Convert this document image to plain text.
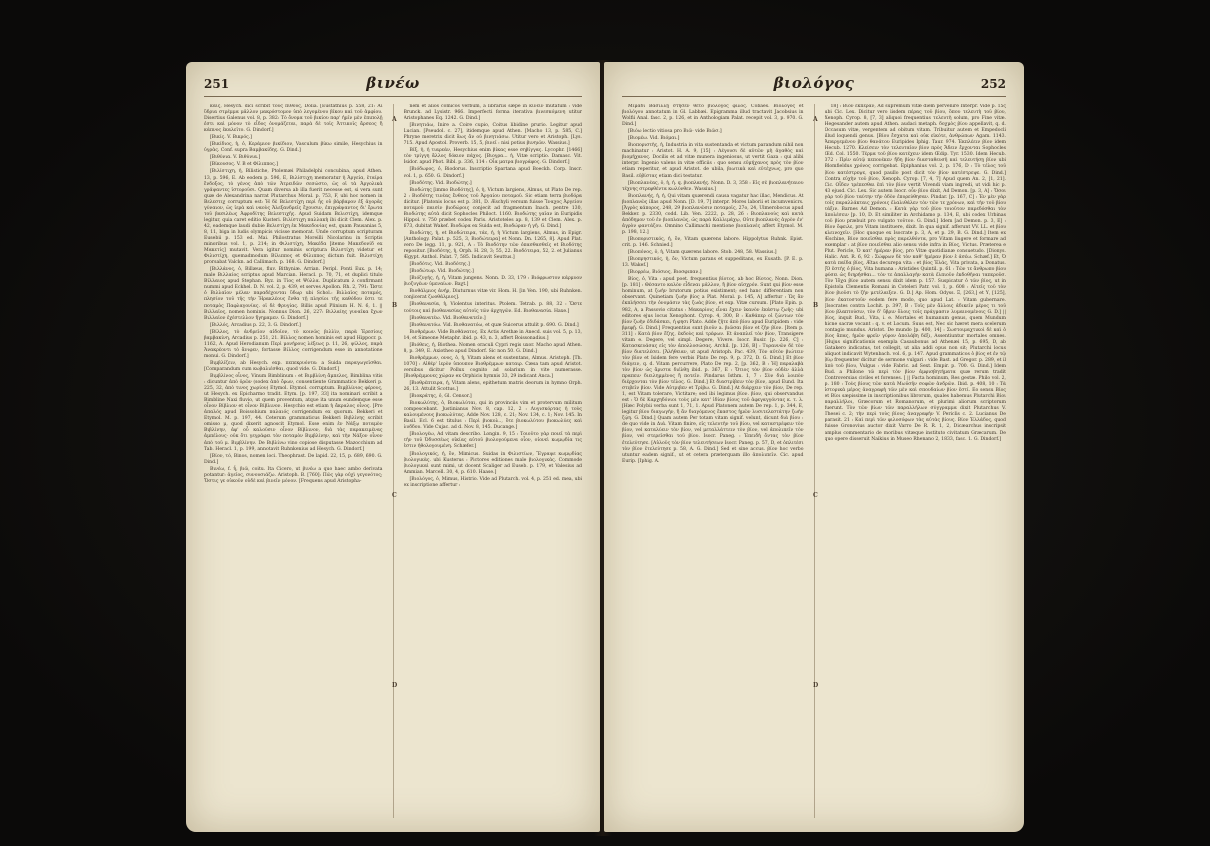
251	βινέω

καίς, Hesych. dici scribit τοὺς πίθους, Dolia. [Eustathius p. 558, 21: Αἱ ὕδρια στρέμμα μᾶλλον μακρόστομον ὑπὸ λεγομένου βῖκου καὶ τοῦ ἀμφίου. Disertius Galenus vol. 8, p. 382: Τὸ ὄνομα τοῦ βικίου παρ' ἡμῖν μὲν ἐπιπολῇ ἐστι καὶ μόνον τὸ εἶδος ὀνομάζεται, παρὰ δὲ τοῖς Ἀττικοῖς ἄρσεος ἢ κάπνος ἐκαλεῖτο. G. Dindorf.]

[Βικίς. V. Βικρός.]

[Βικίδιος, ἡ, ὁ, Κεράμιον βικίδιον, Vasculum βίκω simile, Hesychius in ὑγρὰς. Conf. supra Βαμβακίδης. G. Dind.]

[Βιθύνια. V. Βιθύνια.]

[Βίκουσος. V. Β et Φίλιππος.]

[Βιλίστιχη, ἡ, Bilistiche, Ptolemæi Philadelphi concubina, apud Athen. 13, p. 596, E. Ab eodem p. 596, E, Βιλίστιχη memoratur ἡ Ἀργεία, ἑταίρα ἔνδοξος, τὸ γένος ἀπὸ τῶν Ἀτρειδῶν σεσώστο, ὡς οἱ τὰ Ἀργολικὰ γράψαντες ἱστοροῦσι. Quam diversa ab illa fuerit necesse est, si vera sunt quæ de Alexandrina narrat Plutarchus Moral. p. 753, F, ubi hoc nomen in Βελεστιχ corruptum est: Ἡ δὲ Βελεστίχη περὶ ἧς οὐ βάρβαρον ἐξ ἀγορᾶς γύναιον, ὡς ἱερὰ καὶ ναοὺς Ἀλεξανδρεῖς ἔχουσιν, ἐπιγράψαντος δι' ἔρωτα τοῦ βασιλέως Ἀφροδίτης Βελεστιχῆς. Apud Suidam Βελιστίχη, idemque legitur, quia caret editio Kusteri. Βιλίστιχη παλλακὴ ibi dicit Clem. Alex. p. 42, eademque laudi dubie Βελιστίχη ἐκ Μακεδονίας est, quam Pausanias 5, 8, 11, biga in ludis olympicis vicisse memorat. Unde corruptum scripturam Eusebii p. 153 ed. Mai. Philostratus Moreilli Nicolarinu in Scriptis minoribus vol. 1, p. 214; in Φιλιστίχη, Μακέδα [itemo Μακεδονίδ ex Μακετίς] mutavit. Vera igitur nominis scriptura Βιλιστίχη videtur et Φιλιστίχη, quemadmodum Βίλιππος et Φίλιππος dictum fuit. Βιλιστίχη prorsabat Valckn. ad Callimach. p. 168. G. Dindorf.]

[Βιλλάνος, ὁ, Billæus, fluv. Bithyniæ. Arrian. Peripl. Ponti Eux. p. 14; male Βιλλαίος scriptus apud Marcian. Heracl. p. 70, 71, et duplici titulo Βίλλαιος apud Stephan. Byz. in Τίος et Ψύλλα. Duplicatum λ confirmant nummi apud Eckhel. D. N. vol. 2, p. 439, et serves Apollon. Rh. 2, 791: Ὥστε ὁ Βιλλαῖον μέλαν παραδέχονται ὕδωρ ubi Schol.: Βιλλαῖος ποταμός, πλησίον τοῦ τῆς τὴν Ἡρακλέους ἔνθα τῇ πλησίοι τῆς καθόδου ἐστι τε ποταμὸς Παφλαγονίας. οἱ δὲ Φρυγίας. Billis apud Plinium H. N. 6, 1. || Βιλλαῖος, nomen hominis. Nonnus Dion. 26, 227: Βιλλαίης γυναῖκα ἔχων Βιλλαῖον ἐχέστελλον ἤγημαμεν. G. Dindorf.]

[Βιλλός, Arcadius p. 22, 3. G. Dindorf.]

[Βίλλος, τὸ ἀνδρεῖον αἰδοῖον, τὸ κοινῶς βιλλὶν, παρὰ Ἐρεσίοις βαμβακίνη, Arcadius p. 251, 21. Βῖλλος nomen hominis est apud Hippocr. p. 1162, A. Apud Herodianum Περὶ μονήρους λέξεως p. 11, 26, ψίλλος, παρὰ Ἀνακρέοντι τὸ ἄνιφεν, fortasse Βίλλος corrigendum esse in annotatione monui. G. Dindorf.]

Βιμβλίζειν, ab Hesych. exp. πεπεκρυόντα: a Suida παραγωγεῖσθαι. [Comparandum cum κωβαλιέσθαι, quod vide. G. Dindorf.]

Βιμβλίνος οἶνος, Vinum Bimblinum : et Βιμβλίνη ἄμπελος, Bimblina vitis : dicuntur ἀπὸ ὀρῶν (sodex ἀπὸ ὄρων, consentiente Grammatico Bekkeri p. 225, 32, ἀπὸ τινος χωρίου) Etymol. Etymol. corruptum. Βιμβλίνιος φέρους, ut Hesych. ex Epicharmo tradit. Etym. [p. 197, 33] ita nominari scribit a Bimbline Naxi fluvio, ut quem proventum, atque ita unum eundemque esse οἶνον Βίβλιον et οἶνον Βίβλινον. Hesychio est etiam ἡ ἄκραλος οἶνος. [Pro ἀπαλός apud Boissohium παλαιός corrigendum ex quorum. Bekkeri et Etymol. M. p. 197, 44. Ceterum grammaticus Bekkeri Βιβλίνης scribit omisso μ, quod dixerit agnoscit Etymol. Esse enim ἐν Νάξῳ ποταμὸν Βιβλίνην, ἀφ' οὗ καλοῦσιν οἶνον Βίβλινον, διὰ τὰς παρακειμένας ἀμπέλους· οὐκ ὅτι γεγράφει τὸν ποταμὸν Βιμβλίνην, καὶ τὴν Νάξον οἶνον ἀπὸ τοῦ μ. Βιμβλίνην. De Βιβλίνω vino copiose disputasse Mazocchium ad Tab. Heracl. 1, p. 199, annotavit Ruhnkenius ad Hesych. G. Dindorf.]

[Βίον, τό, Binos, nomen loci. Theophrast. De lapid. 22, 15, p. 689, 690. G. Dind.]

Βινέω, f. ἦ, βιῶ, coitu. Ita Cicero, ut βινέω a quo haec ambo derivata potantur: ἀγεῖος, συνουσιάζω. Aristoph. B. [760]: Πῶς γὰρ οὐχὶ γεγονότος; Ὅστις γε οὐκοῦν οὐδὲ καὶ βινεῖν μόνον. [Frequens apud Aristopha-

nem et alios comicos verbum, a librariis sæpe in κινεῖν mutatum : vide Brunck. ad Lysistr. 966. Imperfecti forma iterativa βινεσκόμενη utitur Aristophanes Eq. 1242. G. Dind.]

[Βινητιάω, Inire a. Coire cupio, Coitus libidine prurio. Legitur apud Lucian. [Pseudol. c. 27], itidemque apud Athen. [Macho 13, p. 585, C.] Phryne meretrix dicit ἅως ἄν οὐ βινητιάσω. Utitur vero et Aristoph. [Lys. 715. Apud Apostol. Proverb. 15, 5, βινεῖ : nisi potius βινηιῶν. Wassius.]

Βίξ, ἡ, ἡ τιαρεάν, Hesychius enim βίκας esse σηβίγγας. Lycophr. [1466] τὸν τρίγγη ἄλλος δόκιον πάχος. [Βιογρα... ἡ, Vitæ scriptio. Damasc. Vit. Isidor. apud Phot. Bibl. p. 336, 114 : Οἷα ματρα βιογράφος. G. Dindorf.]

[Βιόδωρος, ὁ, Biodorus. Inscriptio Spartana apud Boeckh. Corp. Inscr. vol. 1, p. 650. G. Dindorf.]

[Βιοδότης. Vid. Βιοδώτης.]

Βιοδώτης [immo Βιοδότης], ὁ, ἡ, Victum largiens, Almus, ut Plato De rep. 2 : Βιοδότης τινέας ἔνθεος τοῦ Ἀργαίου ποταμοῦ. Sic etiam terra βιοδόρα dicitur. [Platonis locus est p. 381, D. Æschyli versum fuisse Ἴναχος Ἀργείου ποταμοῦ παισὶν βιοδώροις conjecit ad fragmentum Inach. pentre 130, Βιοδώτης αὐτὰ dicit Sophocles Philoct. 1160. Βιοδώτης γαῖαν in Euripidis Hippol. v. 750 præbet codex Paris. Aristoteles ap. 8, 139 et Clem. Alex. p. 673, dubitat Wakef. Βιοδώρα ex Suida est, Βιοδώραν ἡ γῆ. G. Dind.]

Βιοδώτης, ἡ, et Βιοδώτειρα, τάε, ἡ, ἡ Victum largiens, Almus, in Epigr. [Anthology. Palat. p. 525, 3, Βιοδώτειρα] et Nonn. Dn. 1265, 8]. Apud Plat. vero De legg. 11, p. 921, A : Τὸ Βιοδότην τῶν ὀπασθασθεῖς et Βιοδότης repositur. [Βιοδότης, ἡ, Orph. H. 28, 3; 55, 22. Βιοδότειρα, 52, 2. et Julianus Ægypt. Anthol. Palat. 7, 585. Indicavit Seuttus.]

[Βιοδότις. Vid. Βιοδότης.]

[Βιοδώτωρ. Vid. Βιοδώτης.]

[Βιόζυγής, ἡ, ἡ, Vitam jungens. Nonn. D. 33, 179 : Βιόφρωστον κάρμυον βιοζυγέων ὑμεναίων. Baχt.]

Βιοθάλμιος ἀνήρ, Diuturnus vitæ vir. Hom. H. [in Ven. 190, ubi Ruhnken. conjicerat ζωοθάλμιος].

[Βιοθανασία, ἡ, Violentus interitus. Ptolem. Tetrab. p. 88, 32 : Ὥστε τούτοις καὶ βιοθανασίας αὐτοῖς τῶν ἀρχηγῶν. Ed. Βιοθανασία. Haxe.]

[Βιοθανατέω. Vid. Βιοθανατεῖν.]

[Βιοθανατόω. Vid. Βιοθανατόω, et quæ Suicerus attulit p. 690. G. Dind.]

Βιοθρέμων. Vide Βιοθάνατος. Ex Actis Arethæ in Anecd. suis vol. 5, p. 13, 14, et Simeone Metaphr. ibid. p. 43, n. 3, affert Boissonadius.]

[Βιόθεις, ἡ, Biothea. Nomen oraculi Cypri regis uxor. Macho apud Athen. 8, p. 349, E. Axiotheo apud Dindorf. Sic non 50. G. Dind.]

Βιοθρέμμων, ονος, ὁ, ἡ, Vitam alens et sustentans, Almus. Aristoph. [Th. 1070] : Αἰθέρ' ἱερὸν ὑπουπον Βιοθρέμμων καταιρ. Cæsa tam apud Aristot. versibus dicitur Pollux cognito ad solarium in vite numerasse. [Βιοθρέμμονες χώραν ex Orphicis hymnis 33, 29 indicant Anca.]

[Βιοθρέπτειρα, ἡ, Vitam alens, epithetum matris deorum in hymno Orph. 26, 13. Attulit Scottus.]

[Βιοκράτης, ὁ, Gl. Censor.]

Βιοκωλύτης, ὁ, Βιοκωλύται, qui in provinciis vim et protervum militum compescebant. Justinianus Nov. 8, cap. 12, 2 : Λυγισκόρτας ἡ τοὺς καλουμένους βιοκωλύτας. Adde Nov. 128, c. 21; Nov. 134, c. 1; Nov. 145. In Basil. Ecl. 6 est titulus : Περὶ βιοκολ.., ὅτε βιοκωλύτου βιοκωλύες καὶ λυδδου. Vide Cujac. ad d. Nov. 8, 145. Ducange.]

[Βιολογέω, Ad vitam describo. Longin. 9, 15 : Τοιοῦτο γὰρ ποιεῖ τὰ περὶ τὴν τοῦ Ὀδυσσέως οἰκίας αὐτοῦ βιολογούμενα οἶον, οἰονεὶ κωμῳδία τις ἐστιν ἠθολογουμένη. Schæfer.]

[Βιολογικός, ἡ, ὄν, Mimicus. Suidas in Φιλιστίων, Ἔγραψε κωμῳδίας βιολογικὰς. ubi Kusterus : Pictores editiones male βιολογικὰς. Commode βιολογικαὶ sunt mimi, ut docent Scaliger ad Euseb. p. 179, et Valesius ad Ammian. Marcell. 30, 4, p. 610. Haase.]

[Βιολόγος, ὁ, Mimus, Histrio. Vide ad Plutarch. vol. 4, p. 251 ed. mea, ubi ex inscriptione affertur :

A
B
C
D
βιολόγος	252

Μιμάδι Βασίλλῃ στῆσεν θέτο βιολόγος φίλος. Cobaes. Βιολόγος et βιολόγου annotatum in Gl. Labbæi. Epigramma illud tractavit Jacobsius in Wolfii Anal. fasc. 2, p. 126, et in Anthologiam Palat. recepit vol. 3, p. 970. G. Dind.]

[Βιόω lectio vitiosa pro Βιῶ· vide Βιῶσ.]

[Βιομέω. Vid. Βιόμαι.]

Βιοποριστὴς, ἡ, Industria in vita sustentanda et victum parandum nihil non machinatur : Aristot. H. A. 9, [15] : Λέγουσι δὲ αὐτῶν μὴ ἀγαθὸς καὶ βιομήχανος. Docilis et ad vitæ munera ingeniosus, ut vertit Gaza : qui alibi interpr. Ingenio valens in vitæ officiis : quo sensu εὐμήχανος πρὸς τὸν βίον etiam reperitur, et apud Aristot. de ubila, βιωτικὰ καὶ εὐτέχνως, pro quo Basil. εὐβίστας etiam dici testatur.

[Βιοπλανέας, ὁ, ἡ, ἡ. q. βιοπλανής. Nonn. D. 3, 358 : Εἰς σὲ βιοπλανήταιου τέχνης στρεφθέντα κωλύνθεν. Wassius.]

Βιοπλανής, ἡ, ἡ, Qui vitam quærendi causa vagatur hac illac, Mendicus. At βιοπλανῶς illas apud Nonn. [D. 19, 7] interpr. Mores laborii et incumvenicrs. [Ἀγρὸς κάπορος, 248, 29 βιοπλανῶσιν ποταμοῖς, 27ο, 24, Ulmerobocus apud Bekker. p. 2330, codd. Lib. Ven. 2222, p. 28, 26 : Βιοπλανοὺς καὶ κατὰ ἀπόδημον τοῦ ἐν βιοπλανῶς, ὡς παρὰ Καλλιμάχῳ, Οὐτε βιοπλανὲς ἀγρὸν ἐν' ἀγρὸν φαντάζου. Omnino Callimachi mentione βιοπλανὲς affert Etymol. M. p. 198, 12.]

[Βιοποριστικός, ἡ, ὄν, Vitam quærens labore. Hippolytus Ruhnk. Epist. crit. p. 146. Schnied.]

[Βιοπόνος, ὁ, ἡ, Vitam quærens labore. Stob. 248, 58. Wassius.]

[Βιοπρηστικός, ἡ, ὄν, Victum parans et suppeditans, ex Eusath. [P. E. p. 13. Wakef.]

[Βιορρέω, Βιόσιος, Βιοσφιπαν.]

Βίος, ὁ, Vita : apud poet. frequentius βίοτος, ab hoc Βίοτος, Nonn. Dion. [p. 181] : Θέσαντο καλὸν εἶδεναι μᾶλλον, ἢ βίον αἰσχρόν. Sunt qui βίον esse hominum, at ζωὴν brutorum potius existiment; sed hanc differentiam non observant. Quinetiam ζωὴν βίος a Plat. Moral. p. 145, A] affertur : Ὡς ἂν ἐκπλήσσει τὴν ὀνομάσιν τὰς ζωὰς βίον, et exp. Vitæ cursum. [Plato Epin. p. 982, A, a Passovio citatus : Μακαρίοις εἶναι ἔχειν ἱκανὸν ἑκάστῳ ζωῆς· ubi editores ejus locus Xenophont. Cyrop. 4, 300, B : Καθάπερ οἱ ζώντων τὸν βίον ζωὴν ἐδιδάσκει, ἡ φησι Plato. Adde ζῆτε ἀπὸ βίου apud Euripidem : vide βρεφῇ. G. Dind.] Frequentius sunt βιοῦν a. βιῶσαι βίον et ζῆν βίον. [Item p. 311] : Κατὰ βίον ἔζης, ἐκδοὺς καὶ τρέφων. Et ἀναπλεῖ τὸν βίον, Transigere vitam e. Degere, vel simpl. Degere, Vivere. Isocr. Busir. [p. 226, C] : Κατασκευάσας εἰς τὸν ἀπολλοσώσας. Archil. [p. 126, B] : Τυραννῶν δὲ τὸν βίον διατελέσει. [Ἀλήθειαν, ut apud Aristoph. Pac. 439, Τὸν αὐτὸν βιώτειν τὸν βίον et Isidem fere verbis Plato De rep. 9, p. 372, D. G. Dind.] Et βίον διάγειν, q. d. Vitam percurrere, Plato De rep. 2, [p. 362, B : Ἡ] παραλαβὰ τὸν βίον ὡς ἄριστα διέλθῃ ibid. p. 367, E : Ὅτιος τὸν βίον οὐδὲν ἀλλὰ πραπειν διειλημμένος ἢ ποτεῖν. Pindarus Isthm. 1, 7 : Σὺν διὰ λοιπὸν διέρχονται τὸν βίον τέλος. G. Dind.] Et διαστρίβειν τὸν βίον, apud Eund. Ita στιβεῖν βίον. Vide Αὐτριβεν et Τρίβω. G. Dind.] At διάρχειν τὸν βίον, De rep. 1, est Vitam tolerare, Victitare; sed ibi legimus βίον. βίον, qui observandus est : Ὁ δὲ Καρχηδόνιοι τοὺς μὲν κατ' ἰδίαν βίους τοῦ ἀφεγαγγόντας κ. τ. λ. [Hæc Polybii verba sunt 1, 71, 1. Apud Platonem autem De rep. 1, p. 344, E, legitur βίου διαγωγήν, ἢ ἂν διαγόμενος ἕκαστος ἡμῶν λυσιτελεστάτην ζωὴν ζῴη. G. Dind.] Quam autem Per totam vitam signif. velunt, dicunt διὰ βίου : de quo vide in Διά. Vitam finire, εἰς τελευτὴν τοῦ βίου, vel καταστρέφειν τὸν βίον, vel καταλύειν τὸν βίον, vel μεταλλάττειν τὸν βίον, vel ἀπολιπεῖν τὸν βίον, vel στερεῖσθαι τοῦ βίου. Isocr. Paneg. : Ἐπειδὴ ὄντας τὸν βίον ἐτελεύτησε. [Αὐλοῦς τὸν βίον τελευτήσεων Isocr. Paneg. p. 57, D, et ὁπλιτέσι τὸν βίον ἐτελεύτησε p. 58, A. G. Dind.] Sed et sine accus. βίον hoc verbo utuntur eadem signif., ut et cetera præterquam illo ἀπολιπεῖν. Cic. apud Eurip. [Iphig. A.

18] : Βίον ἐκπεράν, Ad supremum vitæ diem pervenire Interpr. Vide p. 15ς ubi Cic. Lex. Dicitur vero iisdem πέρας τοῦ βίου, ὅπου τελευτὴ τοῦ βίου, Xenoph. Cyrop. 8, [7, 3] aliquoi frequentius τελευτὴ solum, pro Fine vitæ. Hegesander autem apud Athen. audaci metaph. δοχμὸς βίου appellavit, q. d. Occasum vitæ, vergentem ad obitum vitam. Tribuitur autem et Empedocli illud loquendi genus. [Βίου ἔσχατα καὶ οὐκ εἰκότε, ἀνθρώπων Agam. 1143. Ἀπαργεμένου βίου θανάτου Euripides Iphig. Taur. 974. Ἐκπλέειν βίον idem Hecub. 1270. Κλείσειν τὸν τελευταῖον βίον πρὸς Ἄδειν ἔρχονται Sophocles Œd. Col. 1550. Τέρμα τοῦ βίου κατέχειν idem Œdip. Tyr. 1530. Idem Hecub. 372 : Πρὶν αὐτῷ πεπονέκεν ἤδη βίον διασταθευσῆ καὶ τελευτήσῃ βίον ubi Blomfieldus χρόνος corrigebat. Epiphanius vol. 2, p. 176, D : Τὸ τέλος τοῦ βίου κατέστρεψε, quod paullo post dicit τὸν βίον κατέστρεψε. G. Dind.] Contra εὐχὴν τοῦ βίου, Xenoph. Cyrop. [7, 4, 7] Apud quem An. 2, [1, 21]. Cic. Οἶδεν τρέπεσθαι ἐπὶ τὸν βίον vertit Vivendi viam ingredi, ut vidi hic p. 43 ejusd. Cic. Lex. Sic autem Isocr. οὖν βίου dixit, Ad Demon. [p. 3, A] : Ὅσοι γὰρ τοῦ βίου ταύτην τὴν ὁδὸν ἐπορεύθησαν. Pindar. [p. 167, C] : Ἐν μὲν γὰρ τοῖς παραλλάκταις χρόνοις ἐλαλιθάλεν τὸν τῶν τε χρόνων, καὶ τὴν τοῦ βίου τάξιν. Barnes Ad Demon. : Κατὰ γὰρ τοῦ βίου τοιοῦτον παρεδόσθαι τὸν ἀπολέσειν [p. 10, D. Et similiter in Archidamo p. 134, E, ubi codex Urbinas τοῦ βίου præbuit pro vulgato τοῦτον. G. Dind.] Idem [ad Demon. p. 3, E] : Βίον ὄφειλε, pro Vitam instituere, dixit. In qua signif. afferunt VV. LL. et βίου κλεινοχεῖν. [Hoc quoque ex Isocrate p. 3, A, et p. 29, B. G. Dind.] Item ex Æschine, Βίον ποιεῖσθαι πρὸς παρελθόντα, pro Vitam liugere et formare ad exemplar : at βίον ποιεῖσθαι alio sensu vide infra in Βίος, Victus. Præterea e Plut. Pericle, Ὁ κατ' ἡμέραν βίος, pro Vitæ quotidianæ consuetudo. [Dionys. Halic. Ant. R. 6, 92 : Σώφρων δὲ τὸν καθ' ἡμέραν βίον ἐ ἀσέω. Schæf.] Et, Ὁ κατὰ παῖδα βίος, Ætas decurepa vita : et βίος Ἑλάς, Vita privata, a Donatus. [Ὁ ἐστὴς ὁ βίος, Vita humana : Aristides Quintil. p. 61 : Τῶν τε ἄνθρωπο βίου φύσει ὡς διηρήσθαι... τὸν τε ἀπαλλαγὴν κατὰ ἐλπιοῦν ἐκδοθῆναι ταπεροῦσ. Τὸν Ἰὄχα βίον autem sensu dixit idem p. 157. Suspicatur ὁ τῶν βίος, ut in Epistola Clementis Romani in Coteleri Patr. vol. 1, p. 608 : Αἰτεῖς τοῦ τὸν βίον βιοῦσι τὸ ζῆν μετέλαιξεν. G. D.] Ap. Hom. Odyss. Ξ, [263,] et Υ, [125], βίον ἐκατοστοῦν eodem fere modo, quo apud Lat. : Vitam gubernare. [Isocrates contra Lochit. p. 397, B : Τοῖς μὲν ἄλλοις ἀδικεῖν μέρος τι τοῦ βίου βλαπτούσιν, τὸν δ' ὕβριν ὅλοις τοῖς πράγμασιν λυμαινομένοις G. D.] || βίος, inquit Bud., Vita, i. e. Mortales et humanum genus, quem Mundum hicne sacræ vocant : q. v. et Locum. Suus est, Nec sic hæret mera scelerum contagio mundus. Aristot. De mundo [p. 400, 14] : Σωστοιμαχτικοὶ δὲ καὶ ὁ βίος ἅπας, ἡμῶν φρεῖν γύρον ἀπολάβη δέξι, Assentiuntur mortales omnes. [Hujus significationis exempla Casaubonus ad Athenæi 15, p. 695, D, ab Gatakero indicatus, tot collegit, ut alia addi opus non sit; Plutarchi locus aliquot indicavit Wytenbach. vol. 6, p. 147. Apud grammaticos ὁ βίος et ἐν τῷ βίῳ frequenter dicitur de sermone vulgari : vide Bast. ad Gregor. p. 289, et il ἀπὸ τοῦ βίου, Vulgus : vide Fabric. ad Sext. Empir. p. 700. G. Dind.] Idem Bud. a Philone τῶ περὶ τὸν βίον ἀμφισβητήματα quæ rerum tradit Controversias civiles et forenses. [ || Facta hominum, Res gestæ. Philo vol. 2, p. 180 : Τοὺς βίους τῶν κατὰ Μωϋσῆν σοφῶν ἀνδρῶν. Ibid. p. 408, 10 : Τὰ ἱστορικὰ μέρος ἀναγραφὴ τῶν μὲν καὶ σπουδαίων βίον ἐστί. Eo sensu Βίος et Βίοι sæpissime in inscriptionibus librorum, quales habemus Plutarchi Βίοι παραλλήλοι, Græcorum et Romanorum, et plurimi aliorum scriptorum fuerunt. Τὸν τῶν βίων τῶν παραλλήλων σύγγραμμα dixit Plutarchus V. Thesei c. 2; τὴν περὶ τοὺς βίους ἀναγραφήν V. Periclis c. 2. Lucianus De parasit. 21 : Καὶ περὶ τῶν φιλοσόφων τὰς αὐτὰς βίους. Βίον Ἑλλάδος, quod fuisse Gronovius auctor dixit Varro De R. R. 1, 2, Dicæarchus inscripsit amplus commentario de moribus vitæque instituto civitatum Græcarum. De quo opere disseruit Naikius in Museo Rhenano 2, 1833, fasc. 1. G. Dindorf.]

A
B
C
D
